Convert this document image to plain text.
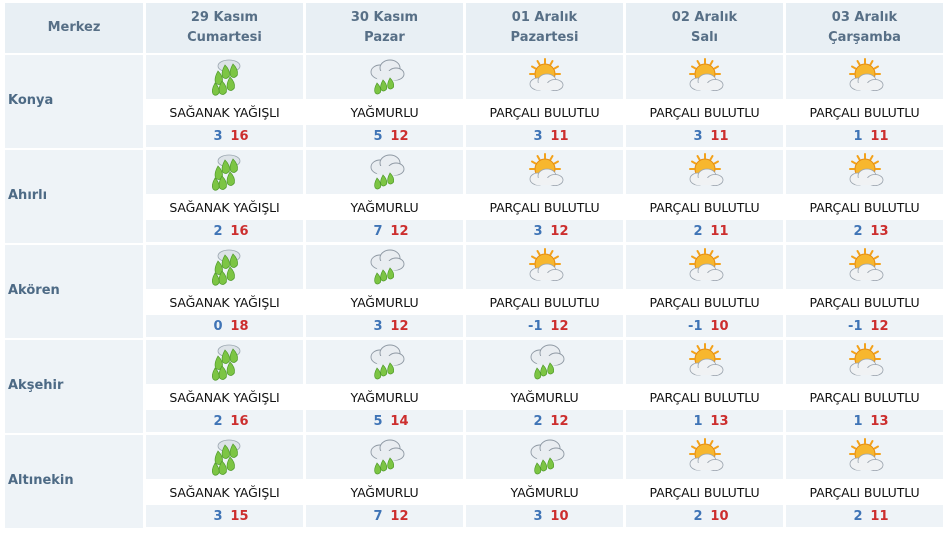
Merkez
29 Kasım
Cumartesi
30 Kasım
Pazar
01 Aralık
Pazartesi
02 Aralık
Salı
03 Aralık
Çarşamba
Konya
SAĞANAK YAĞIŞLI
3 16
YAĞMURLU
5 12
PARÇALI BULUTLU
3 11
PARÇALI BULUTLU
3 11
PARÇALI BULUTLU
1 11
Ahırlı
SAĞANAK YAĞIŞLI
2 16
YAĞMURLU
7 12
PARÇALI BULUTLU
3 12
PARÇALI BULUTLU
2 11
PARÇALI BULUTLU
2 13
Akören
SAĞANAK YAĞIŞLI
0 18
YAĞMURLU
3 12
PARÇALI BULUTLU
-1 12
PARÇALI BULUTLU
-1 10
PARÇALI BULUTLU
-1 12
Akşehir
SAĞANAK YAĞIŞLI
2 16
YAĞMURLU
5 14
YAĞMURLU
2 12
PARÇALI BULUTLU
1 13
PARÇALI BULUTLU
1 13
Altınekin
SAĞANAK YAĞIŞLI
3 15
YAĞMURLU
7 12
YAĞMURLU
3 10
PARÇALI BULUTLU
2 10
PARÇALI BULUTLU
2 11
